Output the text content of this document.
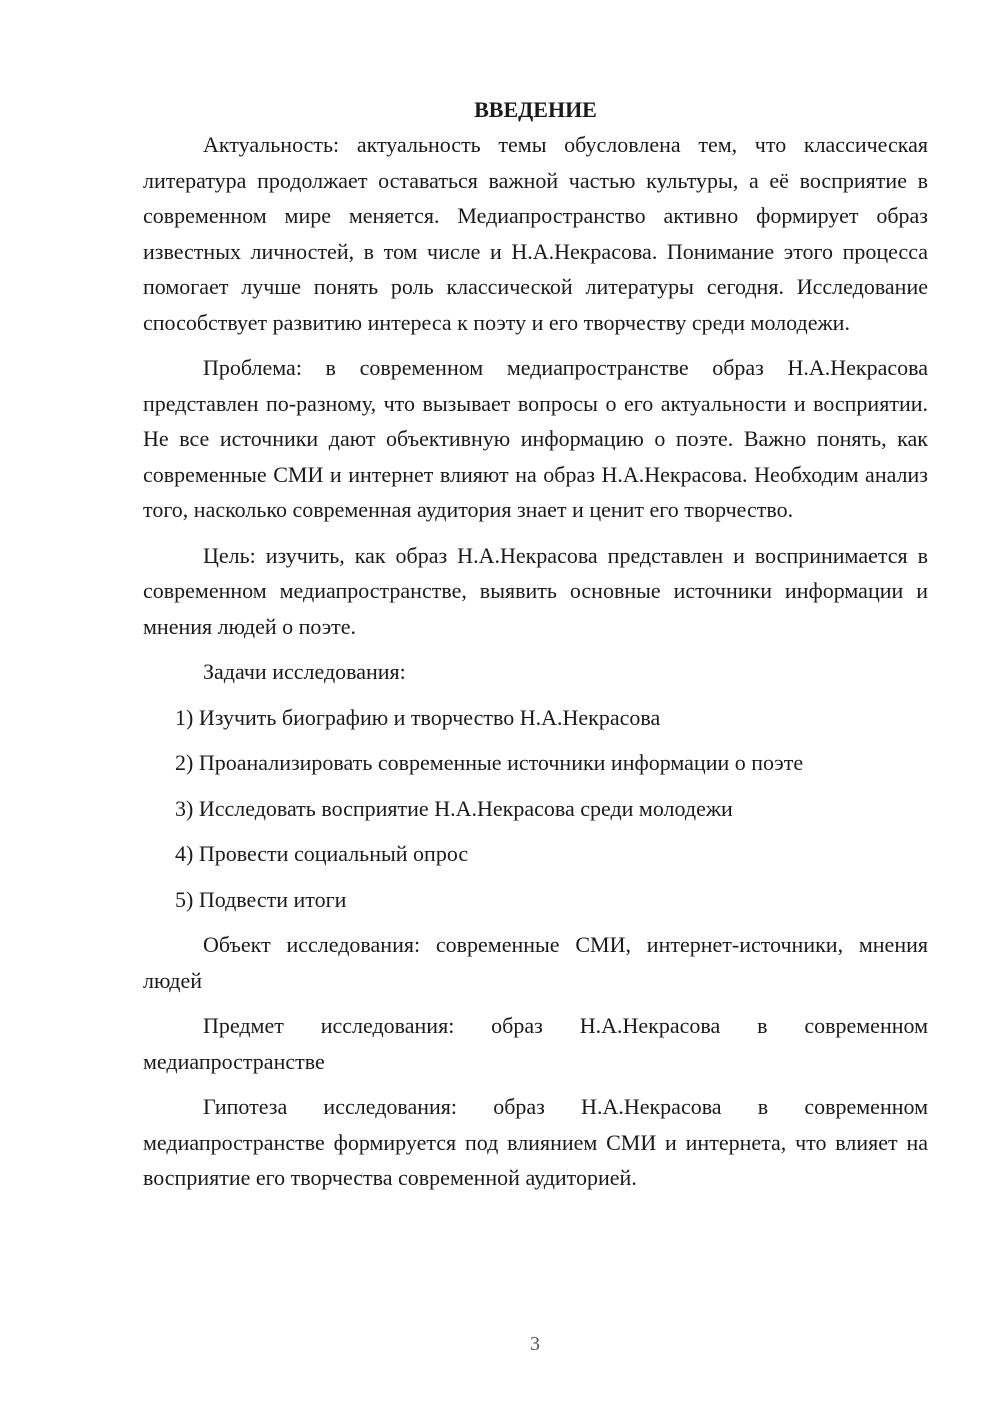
ВВЕДЕНИЕ

Актуальность: актуальность темы обусловлена тем, что классическая литература продолжает оставаться важной частью культуры, а её восприятие в современном мире меняется. Медиапространство активно формирует образ известных личностей, в том числе и Н.А.Некрасова. Понимание этого процесса помогает лучше понять роль классической литературы сегодня. Исследование способствует развитию интереса к поэту и его творчеству среди молодежи.

Проблема: в современном медиапространстве образ Н.А.Некрасова представлен по-разному, что вызывает вопросы о его актуальности и восприятии. Не все источники дают объективную информацию о поэте. Важно понять, как современные СМИ и интернет влияют на образ Н.А.Некрасова. Необходим анализ того, насколько современная аудитория знает и ценит его творчество.

Цель: изучить, как образ Н.А.Некрасова представлен и воспринимается в современном медиапространстве, выявить основные источники информации и мнения людей о поэте.

Задачи исследования:

1) Изучить биографию и творчество Н.А.Некрасова

2) Проанализировать современные источники информации о поэте

3) Исследовать восприятие Н.А.Некрасова среди молодежи

4) Провести социальный опрос

5) Подвести итоги

Объект исследования: современные СМИ, интернет-источники, мнения людей

Предмет исследования: образ Н.А.Некрасова в современном медиапространстве

Гипотеза исследования: образ Н.А.Некрасова в современном медиапространстве формируется под влиянием СМИ и интернета, что влияет на восприятие его творчества современной аудиторией.

3
